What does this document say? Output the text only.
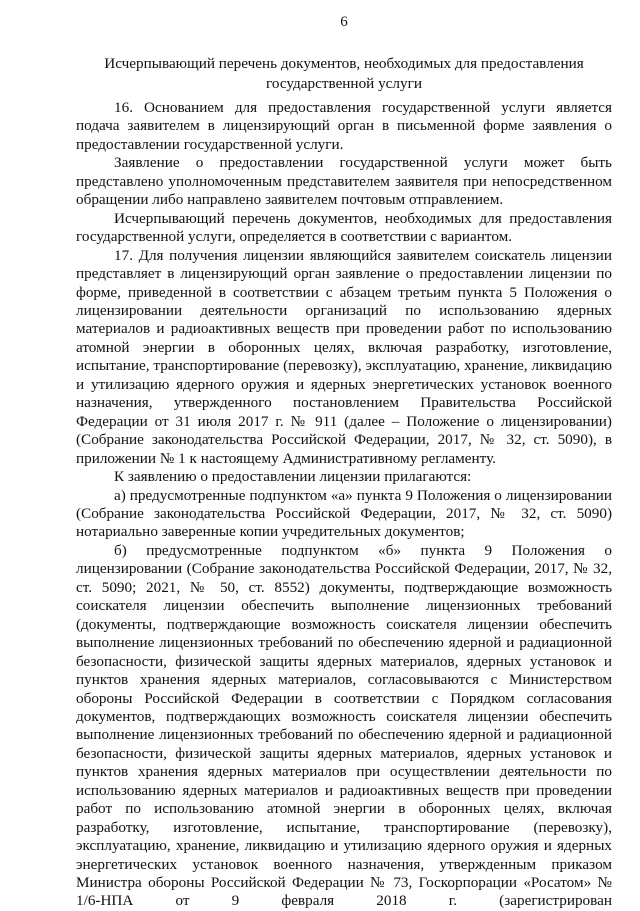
6
Исчерпывающий перечень документов, необходимых для предоставления государственной услуги

16. Основанием для предоставления государственной услуги является подача заявителем в лицензирующий орган в письменной форме заявления о предоставлении государственной услуги.

Заявление о предоставлении государственной услуги может быть представлено уполномоченным представителем заявителя при непосредственном обращении либо направлено заявителем почтовым отправлением.

Исчерпывающий перечень документов, необходимых для предоставления государственной услуги, определяется в соответствии с вариантом.

17. Для получения лицензии являющийся заявителем соискатель лицензии представляет в лицензирующий орган заявление о предоставлении лицензии по форме, приведенной в соответствии с абзацем третьим пункта 5 Положения о лицензировании деятельности организаций по использованию ядерных материалов и радиоактивных веществ при проведении работ по использованию атомной энергии в оборонных целях, включая разработку, изготовление, испытание, транспортирование (перевозку), эксплуатацию, хранение, ликвидацию и утилизацию ядерного оружия и ядерных энергетических установок военного назначения, утвержденного постановлением Правительства Российской Федерации от 31 июля 2017 г. № 911 (далее – Положение о лицензировании) (Собрание законодательства Российской Федерации, 2017, № 32, ст. 5090), в приложении № 1 к настоящему Административному регламенту.

К заявлению о предоставлении лицензии прилагаются:

а) предусмотренные подпунктом «а» пункта 9 Положения о лицензировании (Собрание законодательства Российской Федерации, 2017, № 32, ст. 5090) нотариально заверенные копии учредительных документов;

б) предусмотренные подпунктом «б» пункта 9 Положения о лицензировании (Собрание законодательства Российской Федерации, 2017, № 32, ст. 5090; 2021, № 50, ст. 8552) документы, подтверждающие возможность соискателя лицензии обеспечить выполнение лицензионных требований (документы, подтверждающие возможность соискателя лицензии обеспечить выполнение лицензионных требований по обеспечению ядерной и радиационной безопасности, физической защиты ядерных материалов, ядерных установок и пунктов хранения ядерных материалов, согласовываются с Министерством обороны Российской Федерации в соответствии с Порядком согласования документов, подтверждающих возможность соискателя лицензии обеспечить выполнение лицензионных требований по обеспечению ядерной и радиационной безопасности, физической защиты ядерных материалов, ядерных установок и пунктов хранения ядерных материалов при осуществлении деятельности по использованию ядерных материалов и радиоактивных веществ при проведении работ по использованию атомной энергии в оборонных целях, включая разработку, изготовление, испытание, транспортирование (перевозку), эксплуатацию, хранение, ликвидацию и утилизацию ядерного оружия и ядерных энергетических установок военного назначения, утвержденным приказом Министра обороны Российской Федерации № 73, Госкорпорации «Росатом» № 1/6-НПА от 9 февраля 2018 г. (зарегистрирован
